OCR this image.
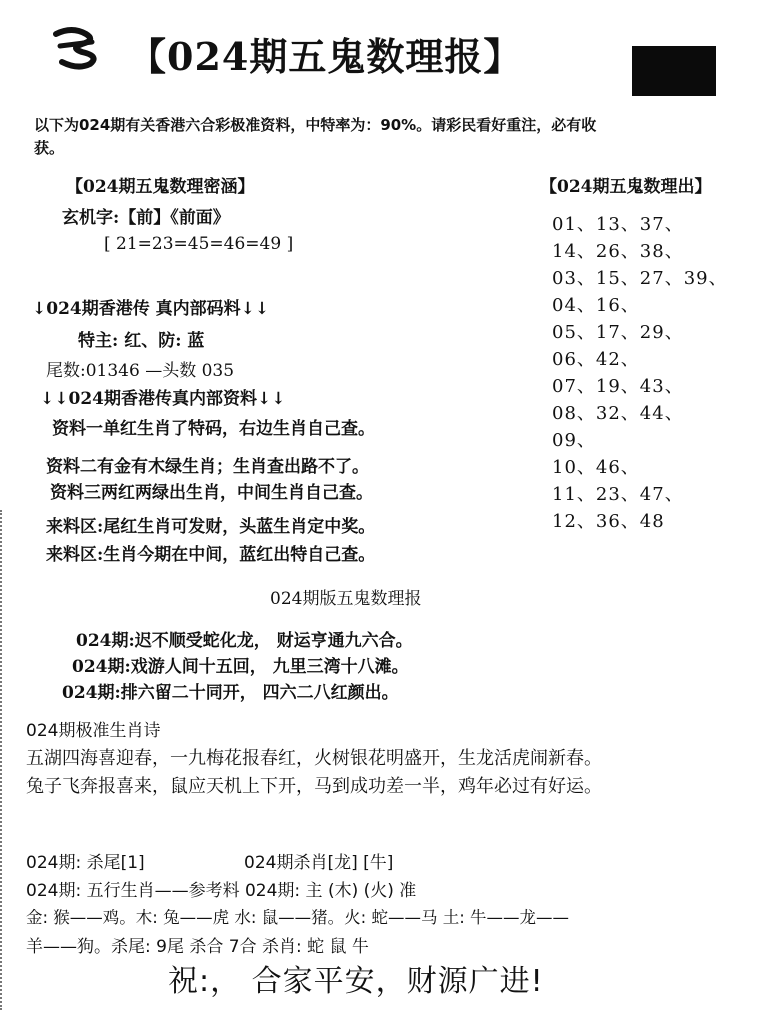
【024期五鬼数理报】
以下为024期有关香港六合彩极准资料，中特率为：90%。请彩民看好重注，必有收
获。
【024期五鬼数理密涵】
玄机字:【前】《前面》
[ 21=23=45=46=49 ]
↓024期香港传 真内部码料↓↓
特主: 红、防: 蓝
尾数:01346 —头数 035
↓↓024期香港传真内部资料↓↓
资料一单红生肖了特码，右边生肖自己查。
资料二有金有木绿生肖；生肖查出路不了。
资料三两红两绿出生肖，中间生肖自己查。
来料区:尾红生肖可发财，头蓝生肖定中奖。
来料区:生肖今期在中间，蓝红出特自己查。
【024期五鬼数理出】
01、13、37、
14、26、38、
03、15、27、39、
04、16、
05、17、29、
06、42、
07、19、43、
08、32、44、
09、
10、46、
11、23、47、
12、36、48
024期版五鬼数理报
024期:迟不顺受蛇化龙， 财运亨通九六合。
024期:戏游人间十五回， 九里三湾十八滩。
024期:排六留二十同开， 四六二八红颜出。
024期极准生肖诗
五湖四海喜迎春，一九梅花报春红，火树银花明盛开，生龙活虎闹新春。
兔子飞奔报喜来，鼠应天机上下开，马到成功差一半，鸡年必过有好运。
024期: 杀尾[1]	024期杀肖[龙] [牛]
024期: 五行生肖——参考料 024期: 主 (木) (火) 准
金: 猴——鸡。木: 兔——虎 水: 鼠——猪。火: 蛇——马 土: 牛——龙——
羊——狗。杀尾: 9尾 杀合 7合 杀肖: 蛇 鼠 牛
祝:， 合家平安，财源广进!
